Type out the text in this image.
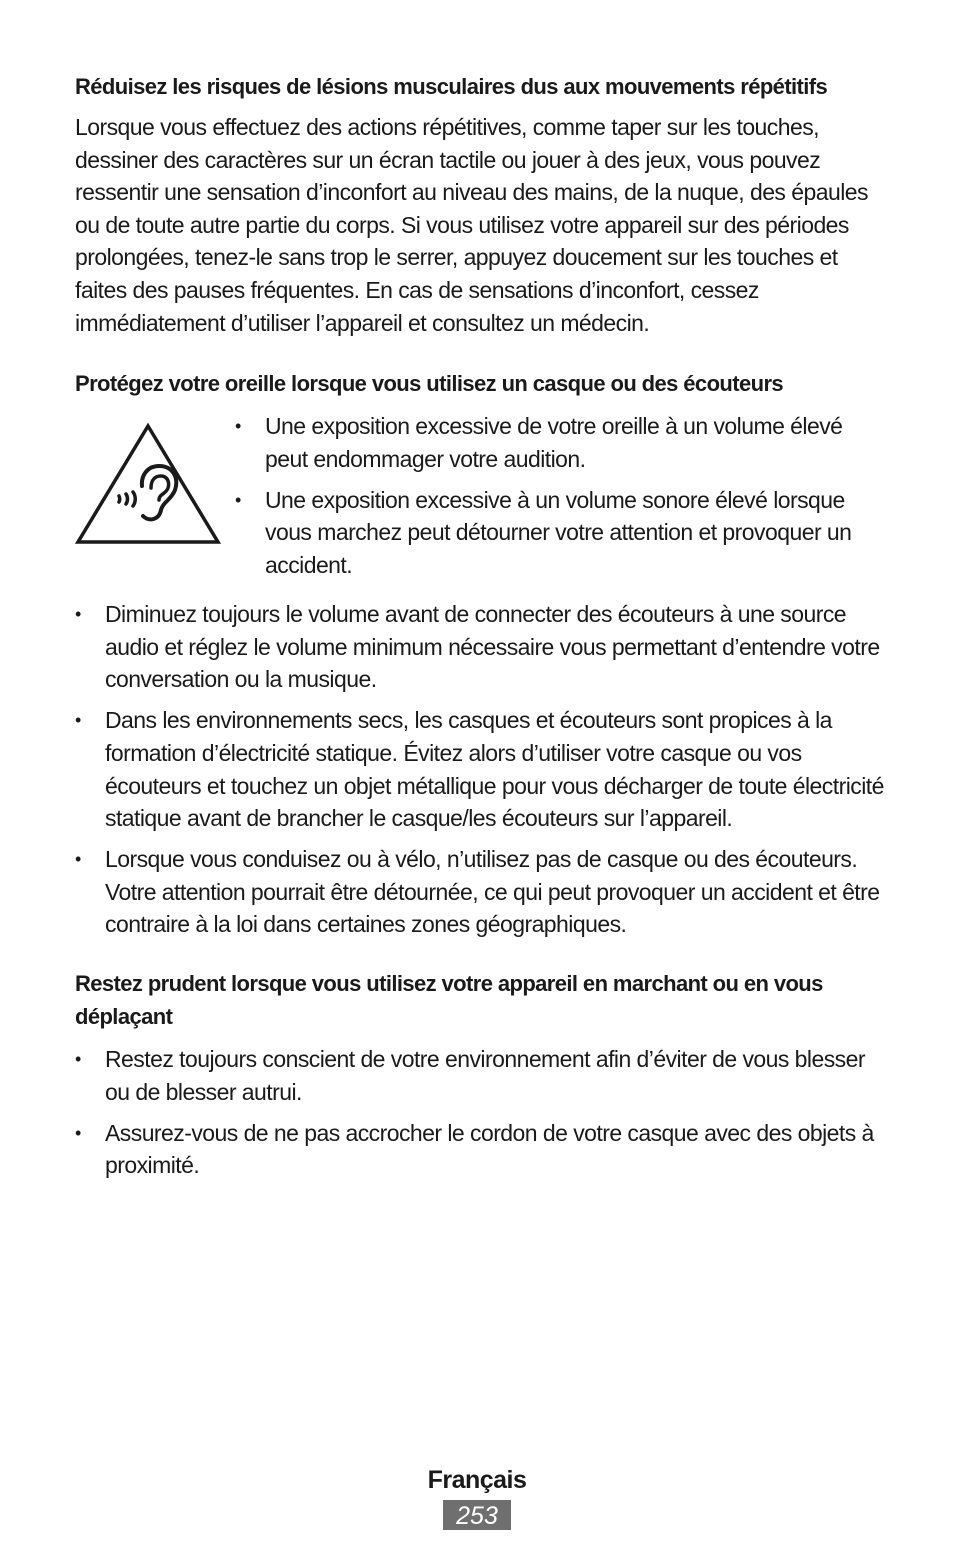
Réduisez les risques de lésions musculaires dus aux mouvements répétitifs

Lorsque vous effectuez des actions répétitives, comme taper sur les touches, dessiner des caractères sur un écran tactile ou jouer à des jeux, vous pouvez ressentir une sensation d’inconfort au niveau des mains, de la nuque, des épaules ou de toute autre partie du corps. Si vous utilisez votre appareil sur des périodes prolongées, tenez-le sans trop le serrer, appuyez doucement sur les touches et faites des pauses fréquentes. En cas de sensations d’inconfort, cessez immédiatement d’utiliser l’appareil et consultez un médecin.

Protégez votre oreille lorsque vous utilisez un casque ou des écouteurs
•	Une exposition excessive de votre oreille à un volume élevé peut endommager votre audition.
•	Une exposition excessive à un volume sonore élevé lorsque vous marchez peut détourner votre attention et provoquer un accident.
•	Diminuez toujours le volume avant de connecter des écouteurs à une source audio et réglez le volume minimum nécessaire vous permettant d’entendre votre conversation ou la musique.
•	Dans les environnements secs, les casques et écouteurs sont propices à la formation d’électricité statique. Évitez alors d’utiliser votre casque ou vos écouteurs et touchez un objet métallique pour vous décharger de toute électricité statique avant de brancher le casque/les écouteurs sur l’appareil.
•	Lorsque vous conduisez ou à vélo, n’utilisez pas de casque ou des écouteurs. Votre attention pourrait être détournée, ce qui peut provoquer un accident et être contraire à la loi dans certaines zones géographiques.
Restez prudent lorsque vous utilisez votre appareil en marchant ou en vous déplaçant
•	Restez toujours conscient de votre environnement afin d’éviter de vous blesser ou de blesser autrui.
•	Assurez-vous de ne pas accrocher le cordon de votre casque avec des objets à proximité.
Français
253
